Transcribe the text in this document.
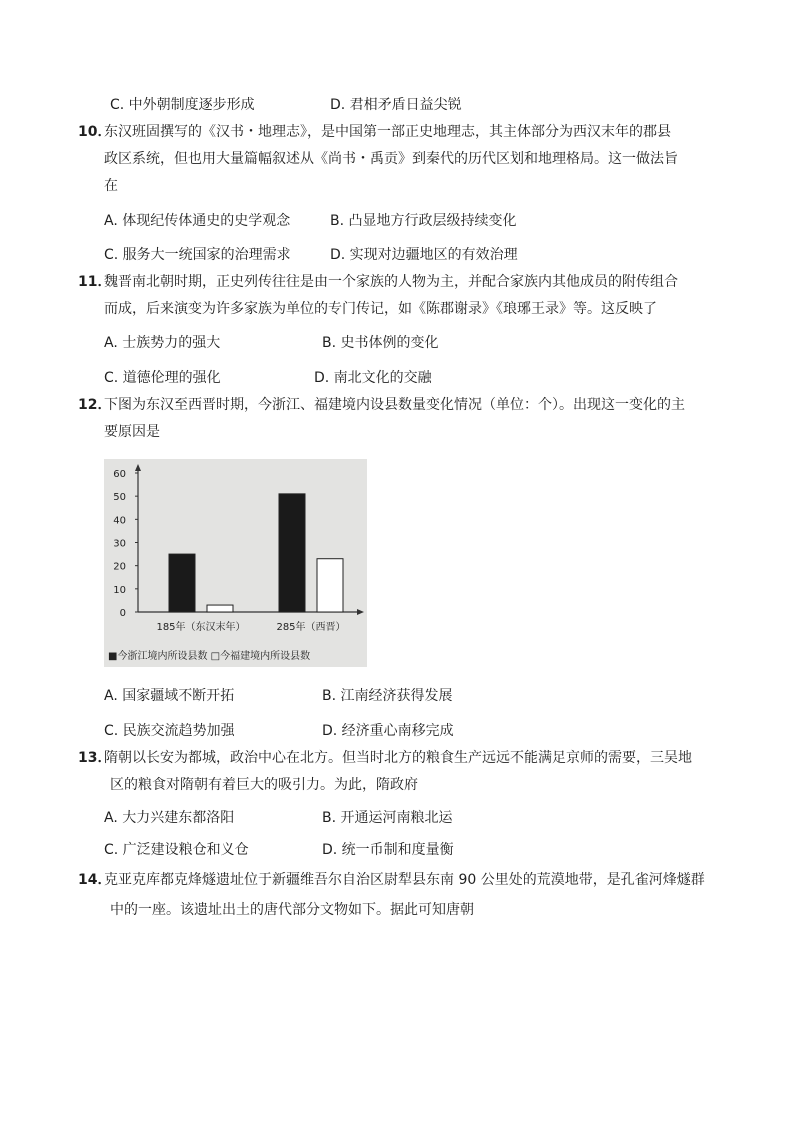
C. 中外朝制度逐步形成	D. 君相矛盾日益尖锐
10．
东汉班固撰写的《汉书・地理志》，是中国第一部正史地理志，其主体部分为西汉末年的郡县
政区系统，但也用大量篇幅叙述从《尚书・禹贡》到秦代的历代区划和地理格局。这一做法旨
在
A. 体现纪传体通史的史学观念	B. 凸显地方行政层级持续变化
C. 服务大一统国家的治理需求	D. 实现对边疆地区的有效治理
11．
魏晋南北朝时期，正史列传往往是由一个家族的人物为主，并配合家族内其他成员的附传组合
而成，后来演变为许多家族为单位的专门传记，如《陈郡谢录》《琅琊王录》等。这反映了
A. 士族势力的强大	B. 史书体例的变化
C. 道德伦理的强化	D. 南北文化的交融
12．
下图为东汉至西晋时期，今浙江、福建境内设县数量变化情况（单位：个）。出现这一变化的主
要原因是
0
10
20
30
40
50
60
185年（东汉末年）	285年（西晋）
■今浙江境内所设县数 □今福建境内所设县数
A. 国家疆域不断开拓	B. 江南经济获得发展
C. 民族交流趋势加强	D. 经济重心南移完成
13．
隋朝以长安为都城，政治中心在北方。但当时北方的粮食生产远远不能满足京师的需要，三吴地
区的粮食对隋朝有着巨大的吸引力。为此，隋政府
A. 大力兴建东都洛阳	B. 开通运河南粮北运
C. 广泛建设粮仓和义仓	D. 统一币制和度量衡
14．
克亚克库都克烽燧遗址位于新疆维吾尔自治区尉犁县东南 90 公里处的荒漠地带，是孔雀河烽燧群
中的一座。该遗址出土的唐代部分文物如下。据此可知唐朝
